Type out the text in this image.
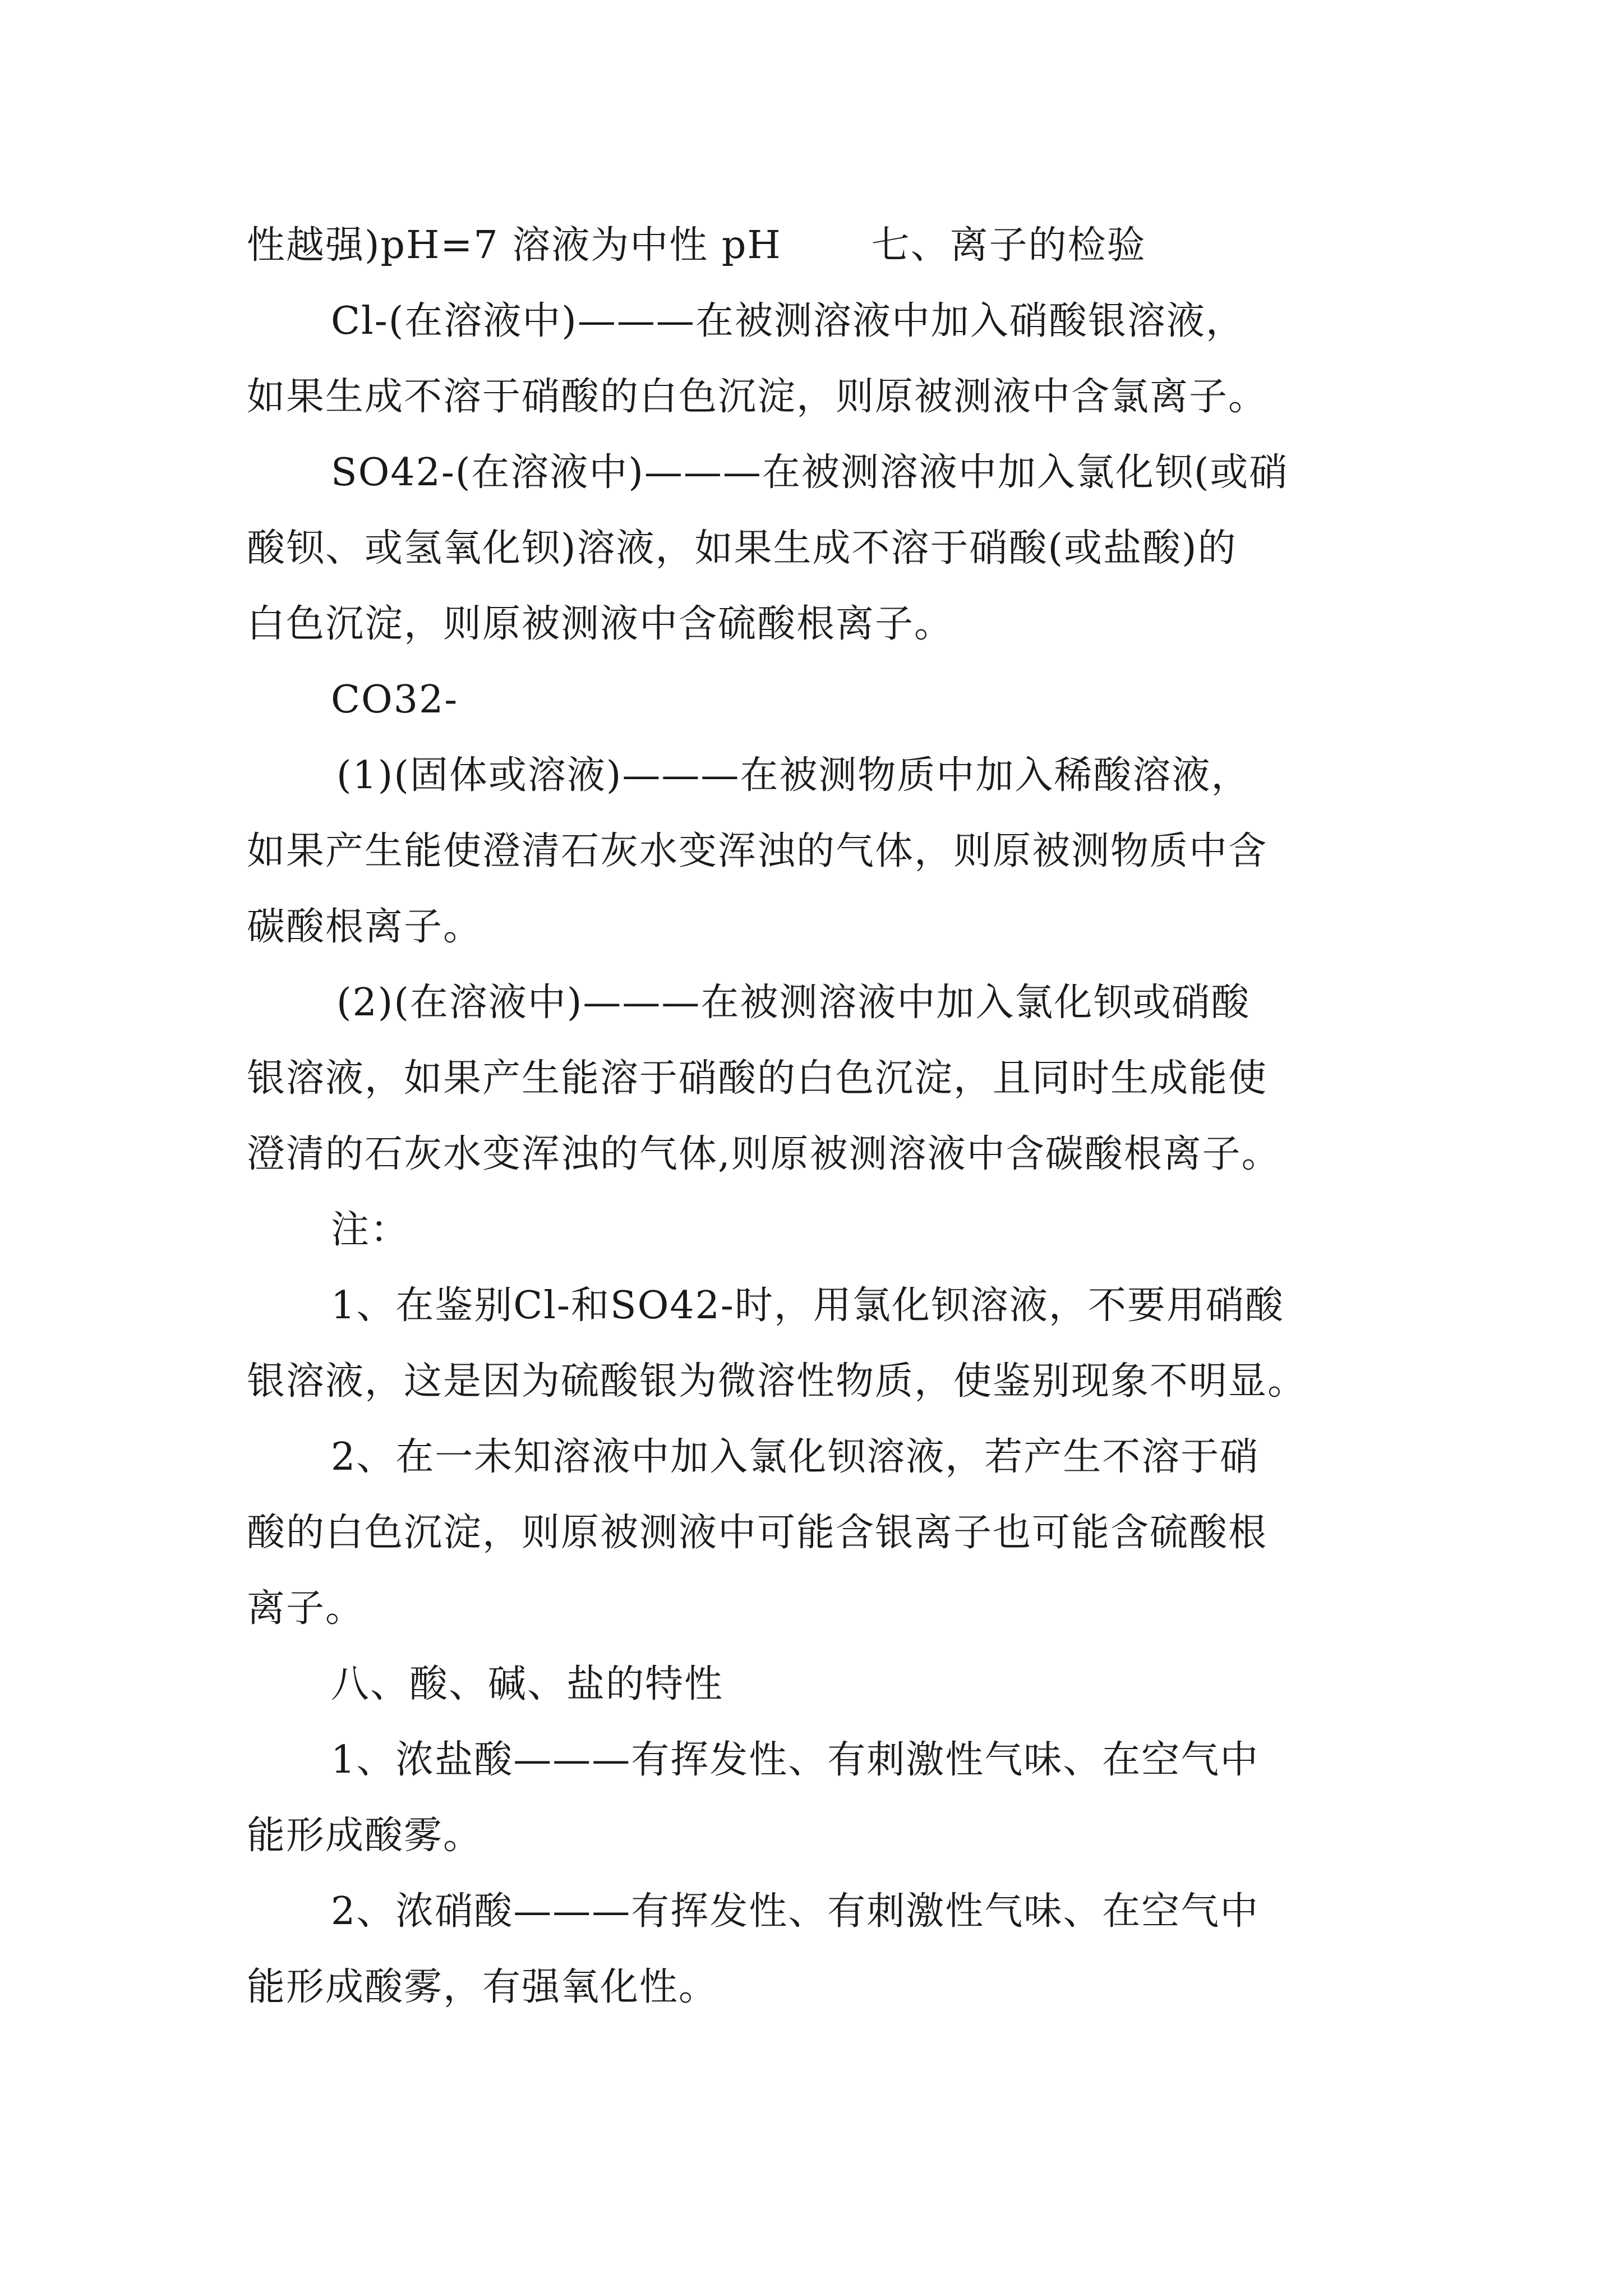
性越强)pH=7 溶液为中性 pH 七、离子的检验
Cl-(在溶液中)———在被测溶液中加入硝酸银溶液，
如果生成不溶于硝酸的白色沉淀，则原被测液中含氯离子。
SO42-(在溶液中)———在被测溶液中加入氯化钡(或硝
酸钡、或氢氧化钡)溶液，如果生成不溶于硝酸(或盐酸)的
白色沉淀，则原被测液中含硫酸根离子。
CO32-
(1)(固体或溶液)———在被测物质中加入稀酸溶液，
如果产生能使澄清石灰水变浑浊的气体，则原被测物质中含
碳酸根离子。
(2)(在溶液中)———在被测溶液中加入氯化钡或硝酸
银溶液，如果产生能溶于硝酸的白色沉淀，且同时生成能使
澄清的石灰水变浑浊的气体,则原被测溶液中含碳酸根离子。
注：
1、在鉴别Cl-和SO42-时，用氯化钡溶液，不要用硝酸
银溶液，这是因为硫酸银为微溶性物质，使鉴别现象不明显。
2、在一未知溶液中加入氯化钡溶液，若产生不溶于硝
酸的白色沉淀，则原被测液中可能含银离子也可能含硫酸根
离子。
八、酸、碱、盐的特性
1、浓盐酸———有挥发性、有刺激性气味、在空气中
能形成酸雾。
2、浓硝酸———有挥发性、有刺激性气味、在空气中
能形成酸雾，有强氧化性。
